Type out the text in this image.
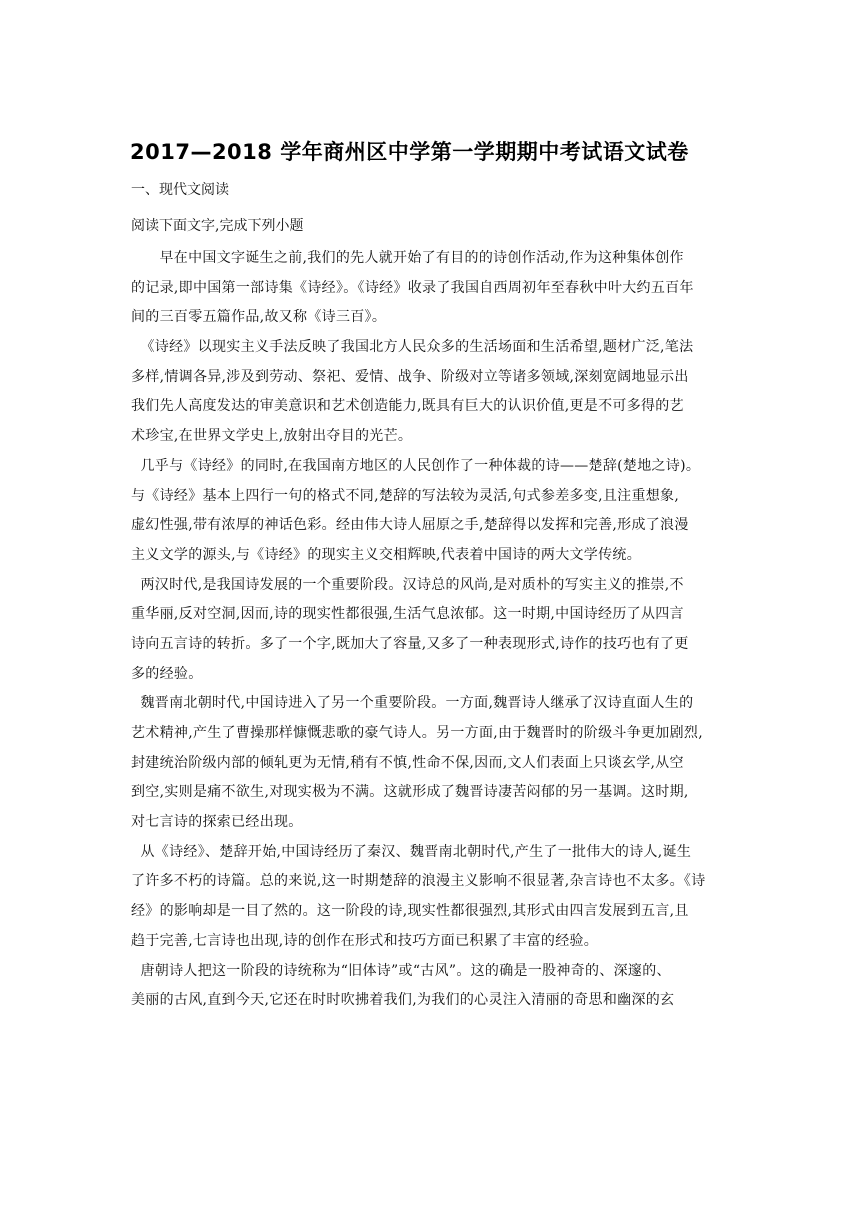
2017—2018 学年商州区中学第一学期期中考试语文试卷
一、现代文阅读
阅读下面文字,完成下列小题
早在中国文字诞生之前,我们的先人就开始了有目的的诗创作活动,作为这种集体创作
的记录,即中国第一部诗集《诗经》。《诗经》收录了我国自西周初年至春秋中叶大约五百年
间的三百零五篇作品,故又称《诗三百》。
《诗经》以现实主义手法反映了我国北方人民众多的生活场面和生活希望,题材广泛,笔法
多样,情调各异,涉及到劳动、祭祀、爱情、战争、阶级对立等诸多领域,深刻宽阔地显示出
我们先人高度发达的审美意识和艺术创造能力,既具有巨大的认识价值,更是不可多得的艺
术珍宝,在世界文学史上,放射出夺目的光芒。
几乎与《诗经》的同时,在我国南方地区的人民创作了一种体裁的诗——楚辞(楚地之诗)。
与《诗经》基本上四行一句的格式不同,楚辞的写法较为灵活,句式参差多变,且注重想象,
虚幻性强,带有浓厚的神话色彩。经由伟大诗人屈原之手,楚辞得以发挥和完善,形成了浪漫
主义文学的源头,与《诗经》的现实主义交相辉映,代表着中国诗的两大文学传统。
两汉时代,是我国诗发展的一个重要阶段。汉诗总的风尚,是对质朴的写实主义的推崇,不
重华丽,反对空洞,因而,诗的现实性都很强,生活气息浓郁。这一时期,中国诗经历了从四言
诗向五言诗的转折。多了一个字,既加大了容量,又多了一种表现形式,诗作的技巧也有了更
多的经验。
魏晋南北朝时代,中国诗进入了另一个重要阶段。一方面,魏晋诗人继承了汉诗直面人生的
艺术精神,产生了曹操那样慷慨悲歌的豪气诗人。另一方面,由于魏晋时的阶级斗争更加剧烈,
封建统治阶级内部的倾轧更为无情,稍有不慎,性命不保,因而,文人们表面上只谈玄学,从空
到空,实则是痛不欲生,对现实极为不满。这就形成了魏晋诗凄苦闷郁的另一基调。这时期,
对七言诗的探索已经出现。
从《诗经》、楚辞开始,中国诗经历了秦汉、魏晋南北朝时代,产生了一批伟大的诗人,诞生
了许多不朽的诗篇。总的来说,这一时期楚辞的浪漫主义影响不很显著,杂言诗也不太多。《诗
经》的影响却是一目了然的。这一阶段的诗,现实性都很强烈,其形式由四言发展到五言,且
趋于完善,七言诗也出现,诗的创作在形式和技巧方面已积累了丰富的经验。
唐朝诗人把这一阶段的诗统称为“旧体诗”或“古风”。这的确是一股神奇的、深邃的、
美丽的古风,直到今天,它还在时时吹拂着我们,为我们的心灵注入清丽的奇思和幽深的玄
